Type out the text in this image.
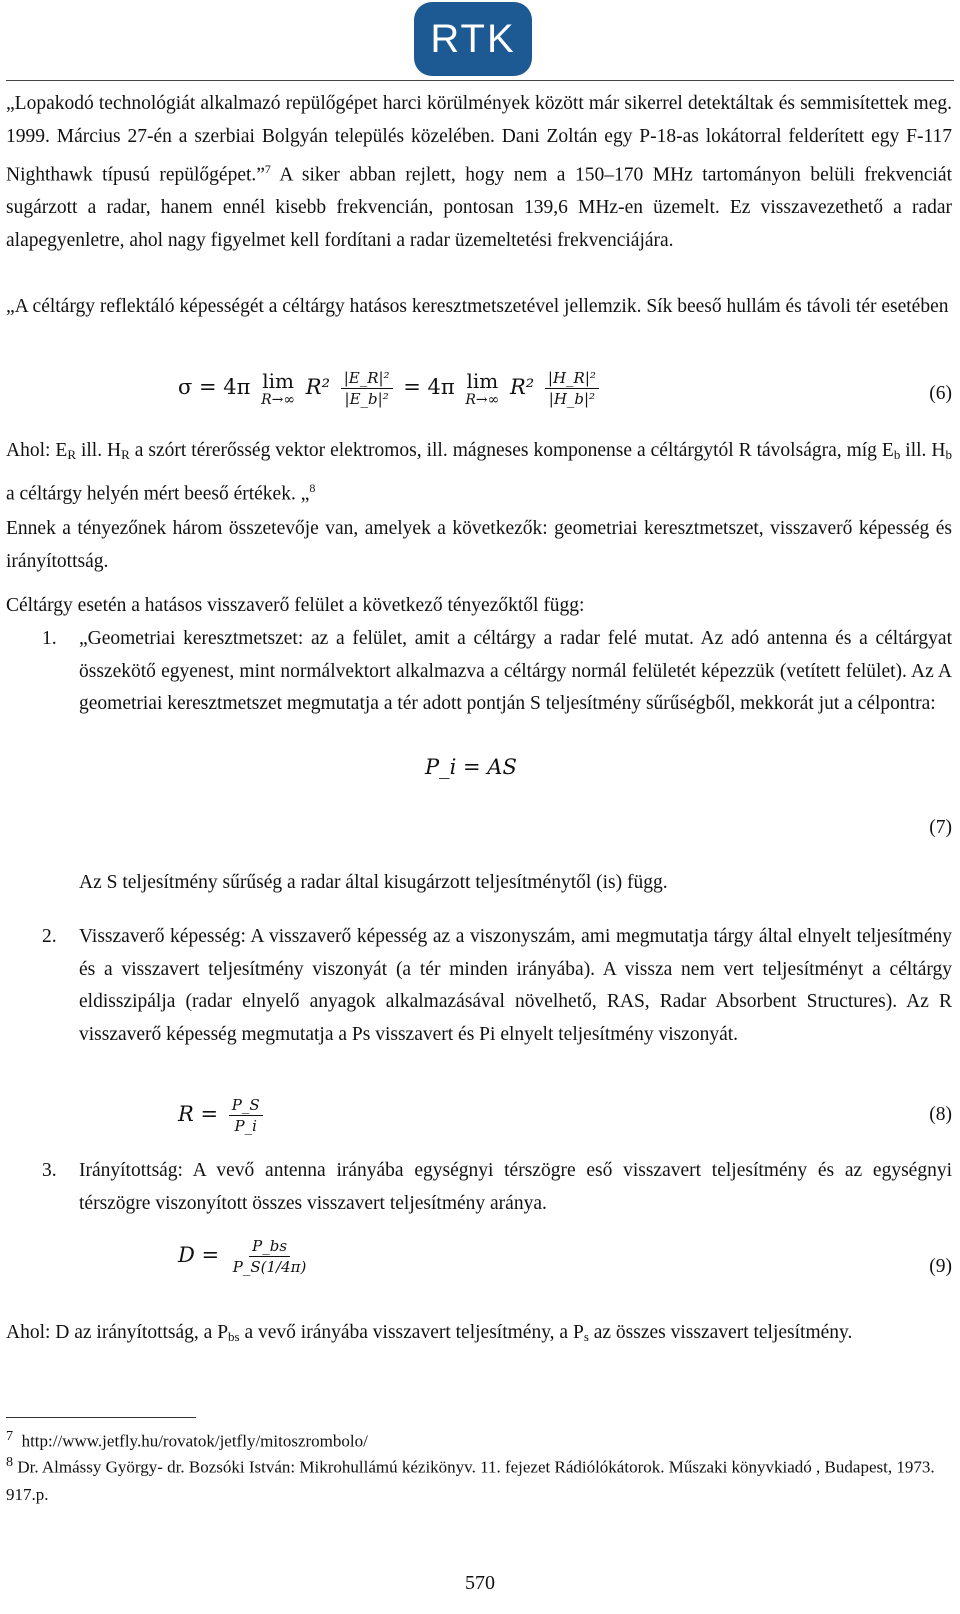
RTK

„Lopakodó technológiát alkalmazó repülőgépet harci körülmények között már sikerrel detektáltak és semmisítettek meg. 1999. Március 27-én a szerbiai Bolgyán település közelében. Dani Zoltán egy P-18-as lokátorral felderített egy F-117 Nighthawk típusú repülőgépet.”$^7$ A siker abban rejlett, hogy nem a 150–170 MHz tartományon belüli frekvenciát sugárzott a radar, hanem ennél kisebb frekvencián, pontosan 139,6 MHz-en üzemelt. Ez visszavezethető a radar alapegyenletre, ahol nagy figyelmet kell fordítani a radar üzemeltetési frekvenciájára.

„A céltárgy reflektáló képességét a céltárgy hatásos keresztmetszetével jellemzik. Sík beeső hullám és távoli tér esetében

σ = 4π lim
R→∞
$R^2 \frac{\text{|E\_R|²}}{\text{|E\_b|²}} = 4\pi$ lim
R→∞
$R^2 \frac{\text{|H\_R|²}}{\text{|H\_b|²}}$	(6)

Ahol: $E_R$ ill. $H_R$ a szórt térerősség vektor elektromos, ill. mágneses komponense a céltárgytól R távolságra, míg $E_b$ ill. $H_b$ a céltárgy helyén mért beeső értékek. „$^8$

Ennek a tényezőnek három összetevője van, amelyek a következők: geometriai keresztmetszet, visszaverő képesség és irányítottság.

Céltárgy esetén a hatásos visszaverő felület a következő tényezőktől függ:

1. „Geometriai keresztmetszet: az a felület, amit a céltárgy a radar felé mutat. Az adó antenna és a céltárgyat összekötő egyenest, mint normálvektort alkalmazva a céltárgy normál felületét képezzük (vetített felület). Az A geometriai keresztmetszet megmutatja a tér adott pontján S teljesítmény sűrűségből, mekkorát jut a célpontra:

P_i = AS
(7)

Az S teljesítmény sűrűség a radar által kisugárzott teljesítménytől (is) függ.

2. Visszaverő képesség: A visszaverő képesség az a viszonyszám, ami megmutatja tárgy által elnyelt teljesítmény és a visszavert teljesítmény viszonyát (a tér minden irányába). A vissza nem vert teljesítményt a céltárgy eldisszipálja (radar elnyelő anyagok alkalmazásával növelhető, RAS, Radar Absorbent Structures). Az R visszaverő képesség megmutatja a Ps visszavert és Pi elnyelt teljesítmény viszonyát.

$R = \frac{P\_S}{P\_i}$	(8)
3. Irányítottság: A vevő antenna irányába egységnyi térszögre eső visszavert teljesítmény és az egységnyi térszögre viszonyított összes visszavert teljesítmény aránya.

$D = \frac{P\_bs}{P\_S(1/4\pi)}$	(9)

Ahol: D az irányítottság, a $P_{bs}$ a vevő irányába visszavert teljesítmény, a $P_s$ az összes visszavert teljesítmény.

$^7$ http://www.jetfly.hu/rovatok/jetfly/mitoszrombolo/

$^8$ Dr. Almássy György- dr. Bozsóki István: Mikrohullámú kézikönyv. 11. fejezet Rádiólókátorok. Műszaki könyvkiadó , Budapest, 1973. 917.p.

570
